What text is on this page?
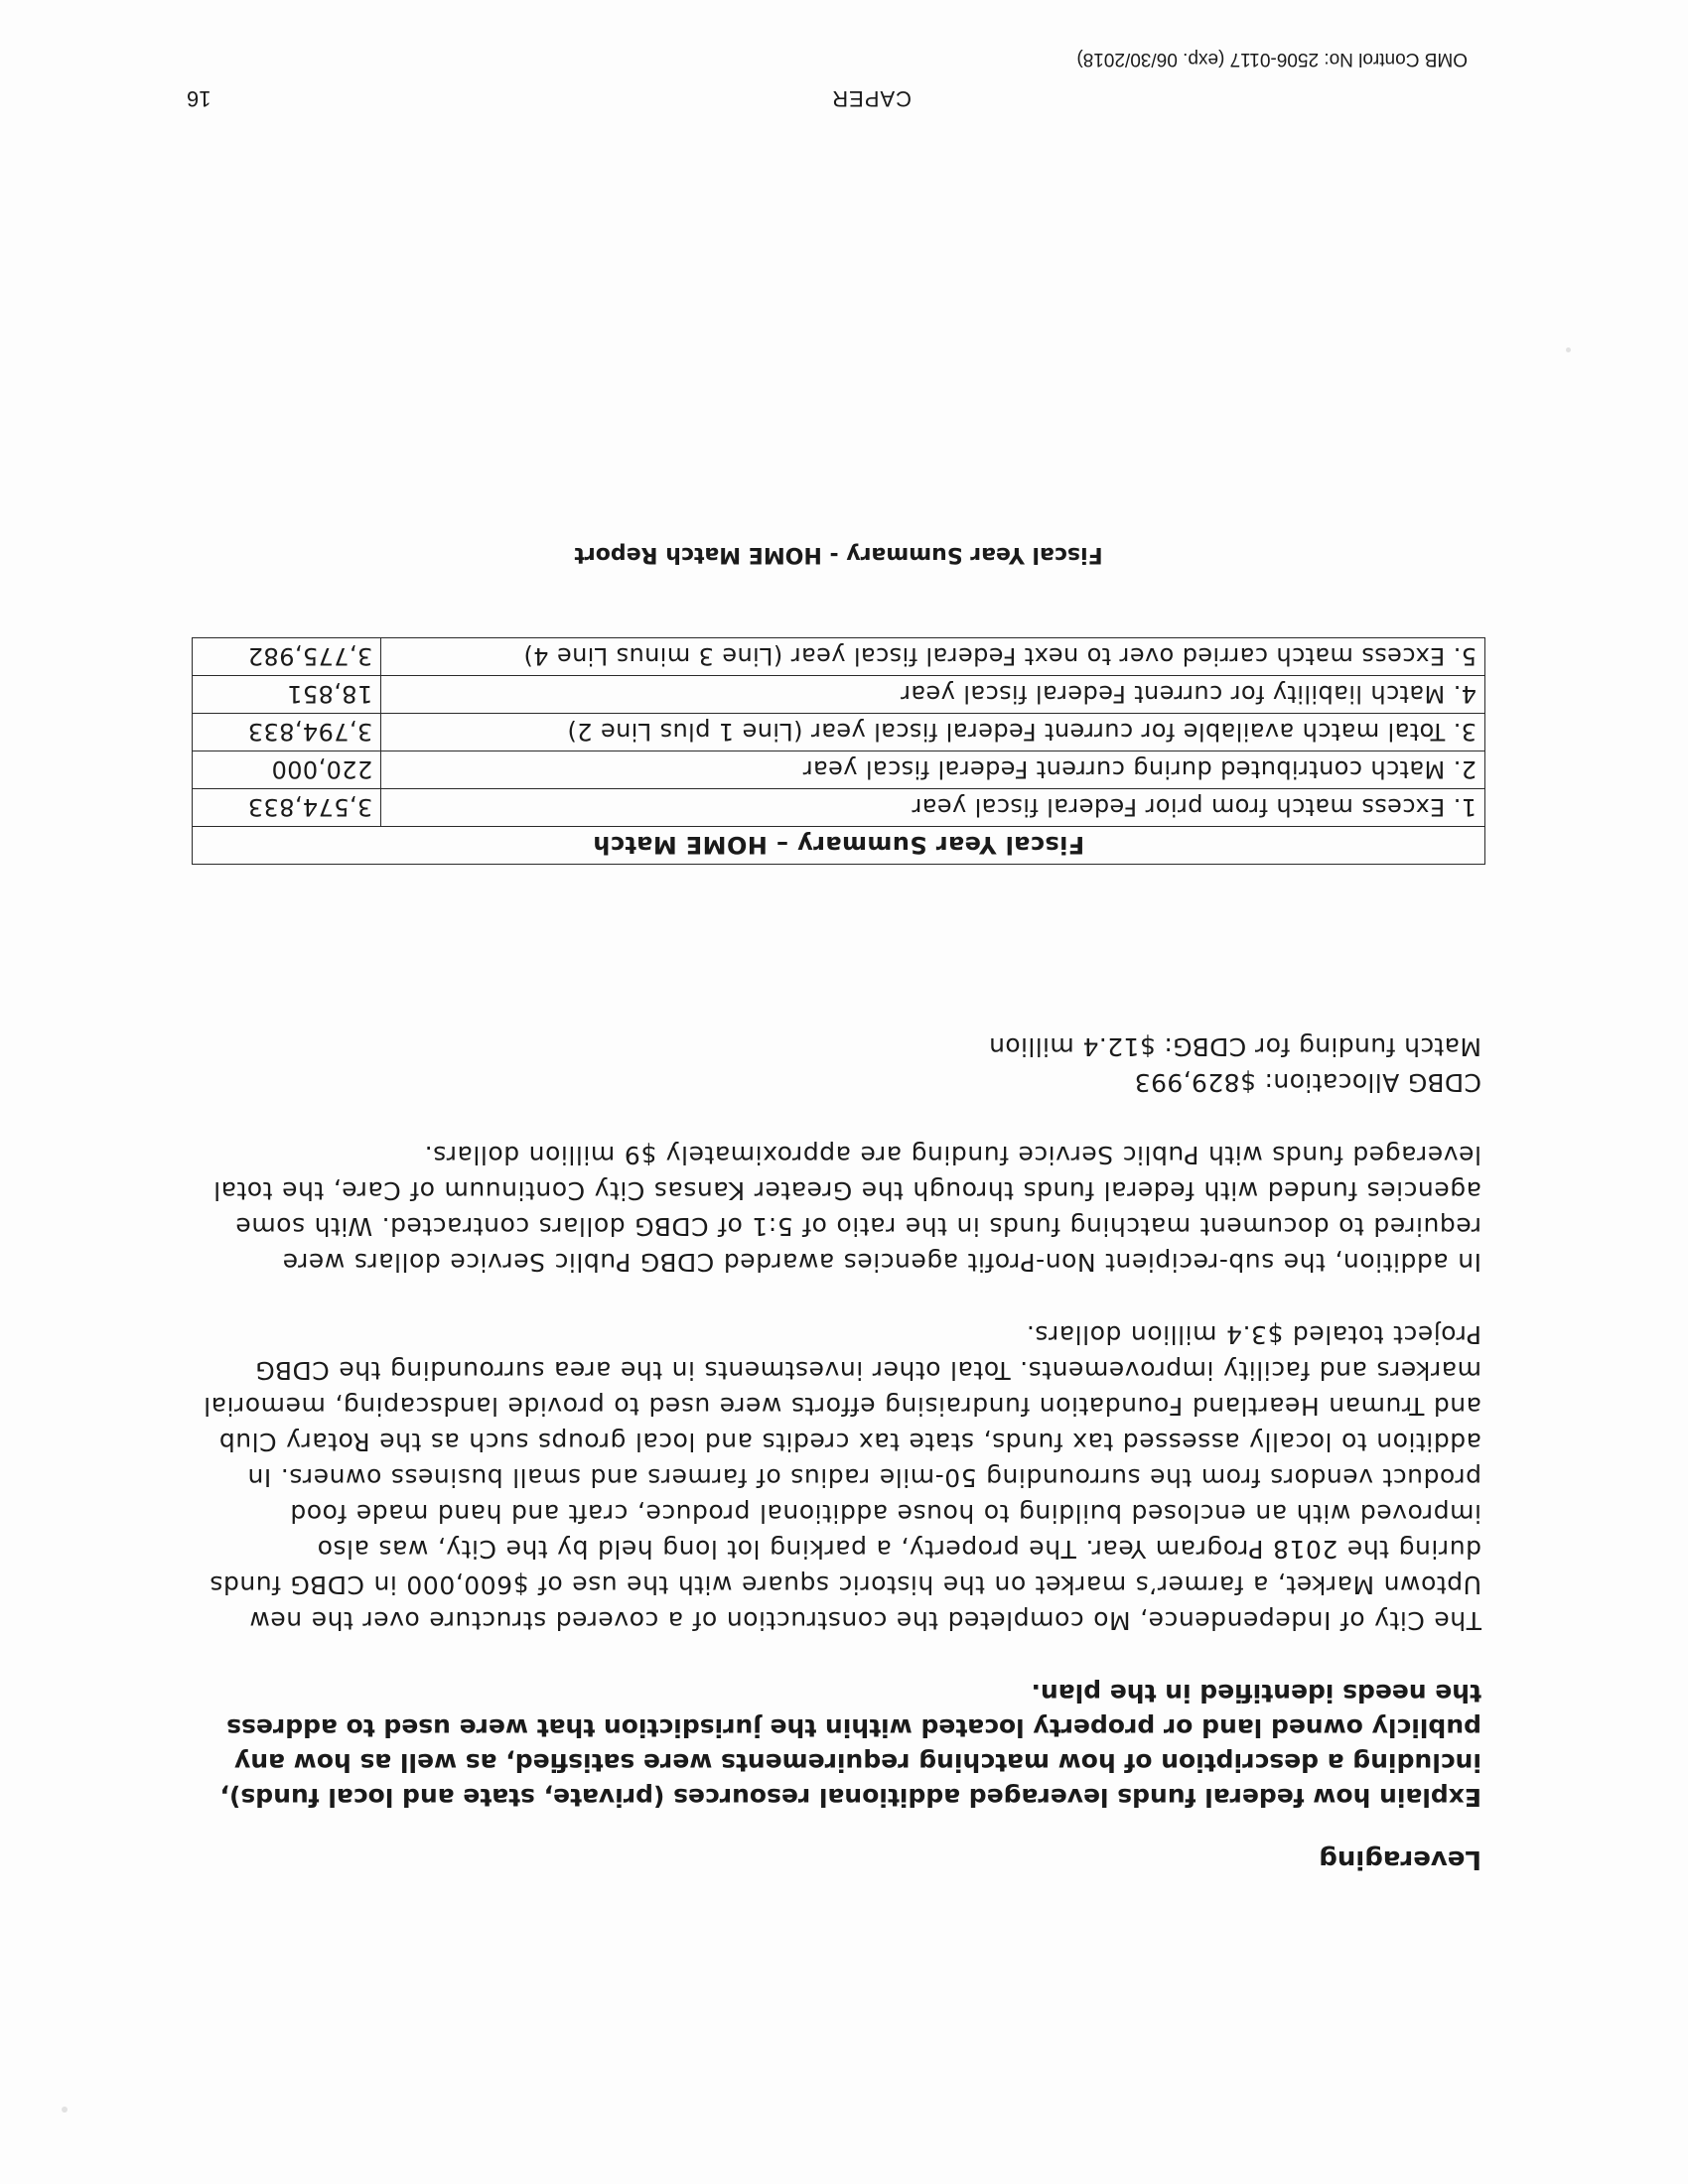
Leveraging

Explain how federal funds leveraged additional resources (private, state and local funds), including a description of how matching requirements were satisfied, as well as how any publicly owned land or property located within the jurisdiction that were used to address the needs identified in the plan.

The City of Independence, Mo completed the construction of a covered structure over the new Uptown Market, a farmer’s market on the historic square with the use of $600,000 in CDBG funds during the 2018 Program Year. The property, a parking lot long held by the City, was also improved with an enclosed building to house additional produce, craft and hand made food product vendors from the surrounding 50-mile radius of farmers and small business owners. In addition to locally assessed tax funds, state tax credits and local groups such as the Rotary Club and Truman Heartland Foundation fundraising efforts were used to provide landscaping, memorial markers and facility improvements. Total other investments in the area surrounding the CDBG Project totaled $3.4 million dollars.

In addition, the sub-recipient Non-Profit agencies awarded CDBG Public Service dollars were required to document matching funds in the ratio of 5:1 of CDBG dollars contracted. With some agencies funded with federal funds through the Greater Kansas City Continuum of Care, the total leveraged funds with Public Service funding are approximately $9 million dollars.

CDBG Allocation: $829,993

Match funding for CDBG: $12.4 million

Fiscal Year Summary – HOME Match	
1. Excess match from prior Federal fiscal year	3,574,833
2. Match contributed during current Federal fiscal year	220,000
3. Total match available for current Federal fiscal year (Line 1 plus Line 2)	3,794,833
4. Match liability for current Federal fiscal year	18,851
5. Excess match carried over to next Federal fiscal year (Line 3 minus Line 4)	3,775,982
Fiscal Year Summary - HOME Match Report
CAPER
16
OMB Control No: 2506-0117 (exp. 06/30/2018)
